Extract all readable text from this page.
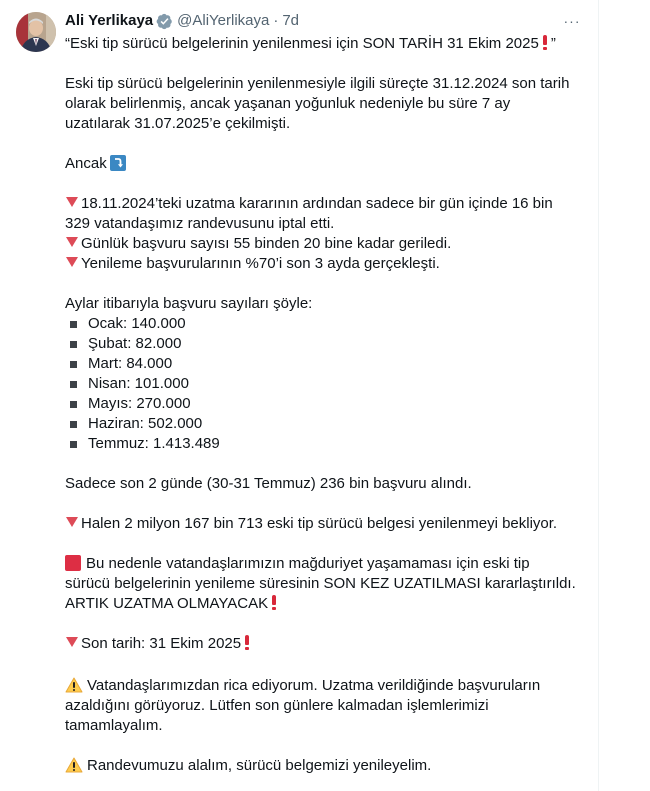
Ali Yerlikaya @AliYerlikaya · 7d	···
“Eski tip sürücü belgelerinin yenilenmesi için SON TARİH 31 Ekim 2025 ”
Eski tip sürücü belgelerinin yenilenmesiyle ilgili süreçte 31.12.2024 son tarih
olarak belirlenmiş, ancak yaşanan yoğunluk nedeniyle bu süre 7 ay
uzatılarak 31.07.2025’e çekilmişti.
Ancak
18.11.2024’teki uzatma kararının ardından sadece bir gün içinde 16 bin
329 vatandaşımız randevusunu iptal etti.
Günlük başvuru sayısı 55 binden 20 bine kadar geriledi.
Yenileme başvurularının %70’i son 3 ayda gerçekleşti.
Aylar itibarıyla başvuru sayıları şöyle:
Ocak: 140.000
Şubat: 82.000
Mart: 84.000
Nisan: 101.000
Mayıs: 270.000
Haziran: 502.000
Temmuz: 1.413.489
Sadece son 2 günde (30-31 Temmuz) 236 bin başvuru alındı.
Halen 2 milyon 167 bin 713 eski tip sürücü belgesi yenilenmeyi bekliyor.
Bu nedenle vatandaşlarımızın mağduriyet yaşamaması için eski tip
sürücü belgelerinin yenileme süresinin SON KEZ UZATILMASI kararlaştırıldı.
ARTIK UZATMA OLMAYACAK
Son tarih: 31 Ekim 2025
Vatandaşlarımızdan rica ediyorum. Uzatma verildiğinde başvuruların
azaldığını görüyoruz. Lütfen son günlere kalmadan işlemlerimizi
tamamlayalım.
Randevumuzu alalım, sürücü belgemizi yenileyelim.
